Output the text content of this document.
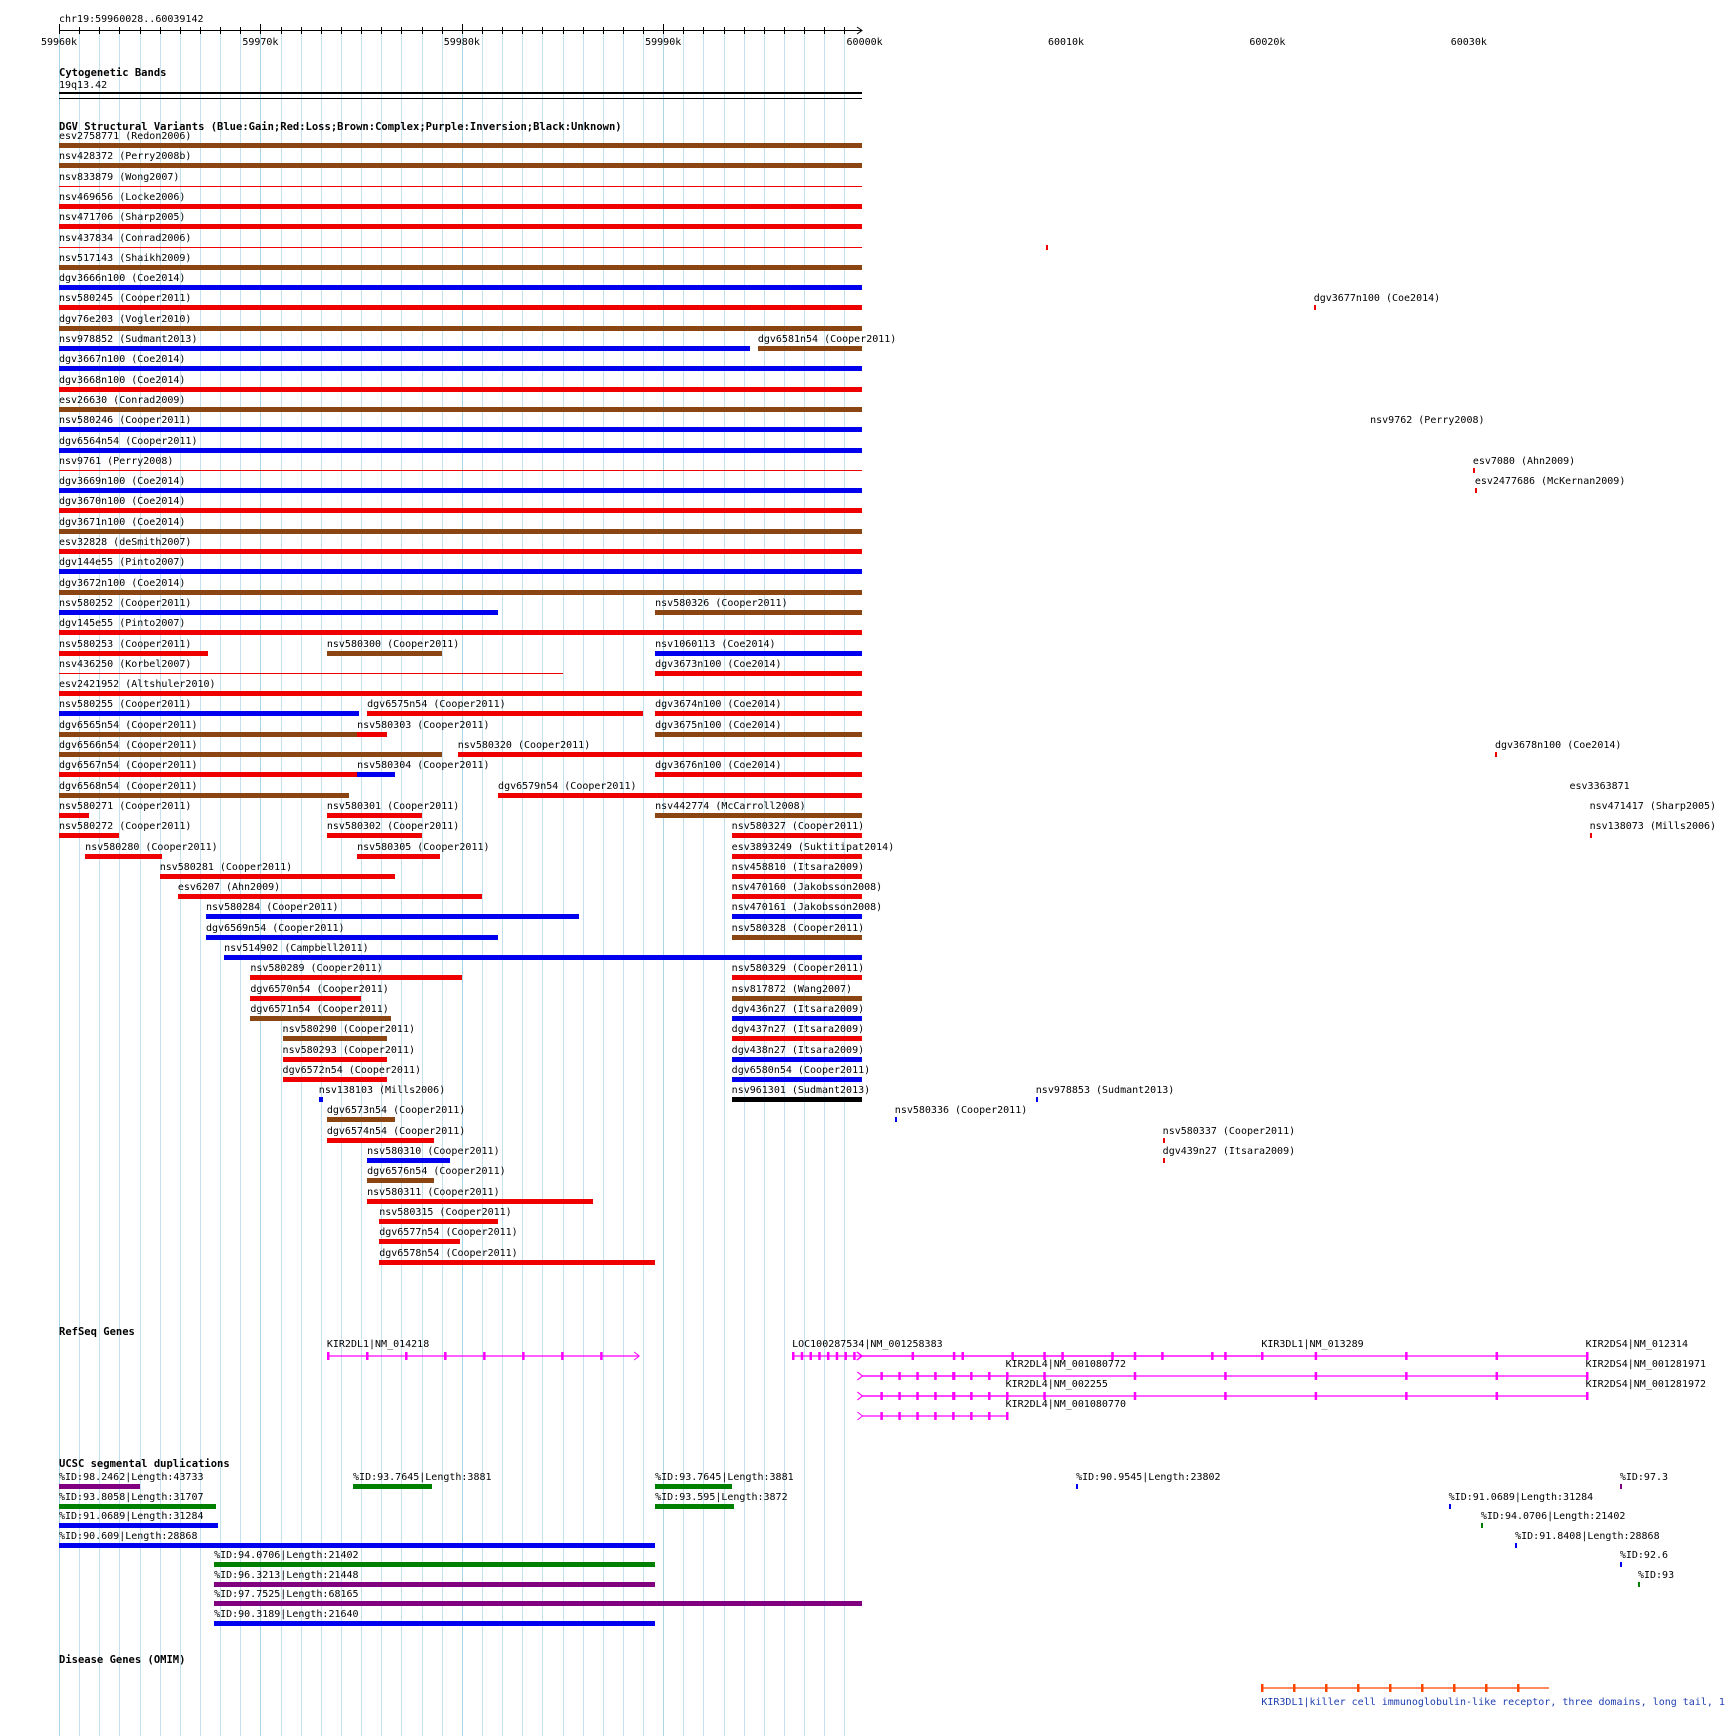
chr19:59960028..60039142
59960k	59970k	59980k	59990k	60000k	60010k	60020k	60030k
Cytogenetic Bands
19q13.42
DGV Structural Variants (Blue:Gain;Red:Loss;Brown:Complex;Purple:Inversion;Black:Unknown)
RefSeq Genes
UCSC segmental duplications
Disease Genes (OMIM)
esv2758771 (Redon2006)
nsv428372 (Perry2008b)
nsv833879 (Wong2007)
nsv469656 (Locke2006)
nsv471706 (Sharp2005)
nsv437834 (Conrad2006)
nsv517143 (Shaikh2009)
dgv3666n100 (Coe2014)
nsv580245 (Cooper2011)	dgv3677n100 (Coe2014)
dgv76e203 (Vogler2010)
nsv978852 (Sudmant2013)	dgv6581n54 (Cooper2011)
dgv3667n100 (Coe2014)
dgv3668n100 (Coe2014)
esv26630 (Conrad2009)
nsv580246 (Cooper2011)	nsv9762 (Perry2008)
dgv6564n54 (Cooper2011)
nsv9761 (Perry2008)	esv7080 (Ahn2009)
dgv3669n100 (Coe2014)	esv2477686 (McKernan2009)
dgv3670n100 (Coe2014)
dgv3671n100 (Coe2014)
esv32828 (deSmith2007)
dgv144e55 (Pinto2007)
dgv3672n100 (Coe2014)
nsv580252 (Cooper2011)	nsv580326 (Cooper2011)
dgv145e55 (Pinto2007)
nsv580253 (Cooper2011)	nsv580300 (Cooper2011)	nsv1060113 (Coe2014)
nsv436250 (Korbel2007)	dgv3673n100 (Coe2014)
esv2421952 (Altshuler2010)
nsv580255 (Cooper2011)	dgv6575n54 (Cooper2011)	dgv3674n100 (Coe2014)
dgv6565n54 (Cooper2011)	nsv580303 (Cooper2011)	dgv3675n100 (Coe2014)
dgv6566n54 (Cooper2011)	nsv580320 (Cooper2011)	dgv3678n100 (Coe2014)
dgv6567n54 (Cooper2011)	nsv580304 (Cooper2011)	dgv3676n100 (Coe2014)
dgv6568n54 (Cooper2011)	dgv6579n54 (Cooper2011)	esv3363871
nsv580271 (Cooper2011)	nsv580301 (Cooper2011)	nsv442774 (McCarroll2008)	nsv471417 (Sharp2005)
nsv580272 (Cooper2011)	nsv580302 (Cooper2011)	nsv580327 (Cooper2011)	nsv138073 (Mills2006)
nsv580280 (Cooper2011)	nsv580305 (Cooper2011)	esv3893249 (Suktitipat2014)
nsv580281 (Cooper2011)	nsv458810 (Itsara2009)
esv6207 (Ahn2009)	nsv470160 (Jakobsson2008)
nsv580284 (Cooper2011)	nsv470161 (Jakobsson2008)
dgv6569n54 (Cooper2011)	nsv580328 (Cooper2011)
nsv514902 (Campbell2011)
nsv580289 (Cooper2011)	nsv580329 (Cooper2011)
dgv6570n54 (Cooper2011)	nsv817872 (Wang2007)
dgv6571n54 (Cooper2011)	dgv436n27 (Itsara2009)
nsv580290 (Cooper2011)	dgv437n27 (Itsara2009)
nsv580293 (Cooper2011)	dgv438n27 (Itsara2009)
dgv6572n54 (Cooper2011)	dgv6580n54 (Cooper2011)
nsv138103 (Mills2006)	nsv961301 (Sudmant2013)	nsv978853 (Sudmant2013)
dgv6573n54 (Cooper2011)	nsv580336 (Cooper2011)
dgv6574n54 (Cooper2011)	nsv580337 (Cooper2011)
nsv580310 (Cooper2011)	dgv439n27 (Itsara2009)
dgv6576n54 (Cooper2011)
nsv580311 (Cooper2011)
nsv580315 (Cooper2011)
dgv6577n54 (Cooper2011)
dgv6578n54 (Cooper2011)
KIR2DL1|NM_014218	LOC100287534|NM_001258383	KIR3DL1|NM_013289	KIR2DS4|NM_012314
KIR2DL4|NM_001080772	KIR2DS4|NM_001281971
KIR2DL4|NM_002255	KIR2DS4|NM_001281972
KIR2DL4|NM_001080770
%ID:98.2462|Length:43733	%ID:93.7645|Length:3881	%ID:93.7645|Length:3881	%ID:90.9545|Length:23802	%ID:97.3
%ID:93.8058|Length:31707	%ID:93.595|Length:3872	%ID:91.0689|Length:31284
%ID:91.0689|Length:31284	%ID:94.0706|Length:21402
%ID:90.609|Length:28868	%ID:91.8408|Length:28868
%ID:94.0706|Length:21402	%ID:92.6
%ID:96.3213|Length:21448	%ID:93
%ID:97.7525|Length:68165
%ID:90.3189|Length:21640
KIR3DL1|killer cell immunoglobulin-like receptor, three domains, long tail, 1
